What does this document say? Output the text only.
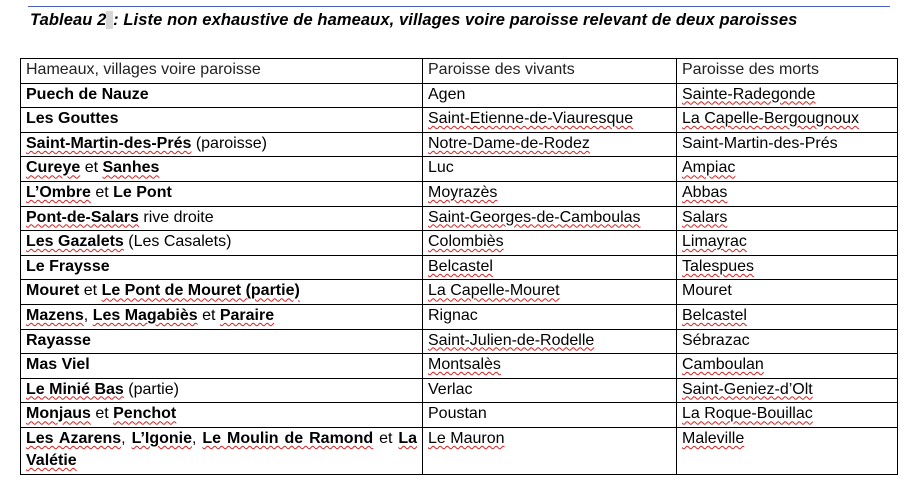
Tableau 2 : Liste non exhaustive de hameaux, villages voire paroisse relevant de deux paroisses
Hameaux, villages voire paroisse	Paroisse des vivants	Paroisse des morts
Puech de Nauze	Agen	Sainte-Radegonde
Les Gouttes	Saint-Etienne-de-Viauresque	La Capelle-Bergougnoux
Saint-Martin-des-Prés (paroisse)	Notre-Dame-de-Rodez	Saint-Martin-des-Prés
Cureye et Sanhes	Luc	Ampiac
L’Ombre et Le Pont	Moyrazès	Abbas
Pont-de-Salars rive droite	Saint-Georges-de-Camboulas	Salars
Les Gazalets (Les Casalets)	Colombiès	Limayrac
Le Fraysse	Belcastel	Talespues
Mouret et Le Pont de Mouret (partie)	La Capelle-Mouret	Mouret
Mazens, Les Magabiès et Paraire	Rignac	Belcastel
Rayasse	Saint-Julien-de-Rodelle	Sébrazac
Mas Viel	Montsalès	Camboulan
Le Minié Bas (partie)	Verlac	Saint-Geniez-d’Olt
Monjaus et Penchot	Poustan	La Roque-Bouillac
Les Azarens, L’Igonie, Le Moulin de Ramond et La Valétie	Le Mauron	Maleville
